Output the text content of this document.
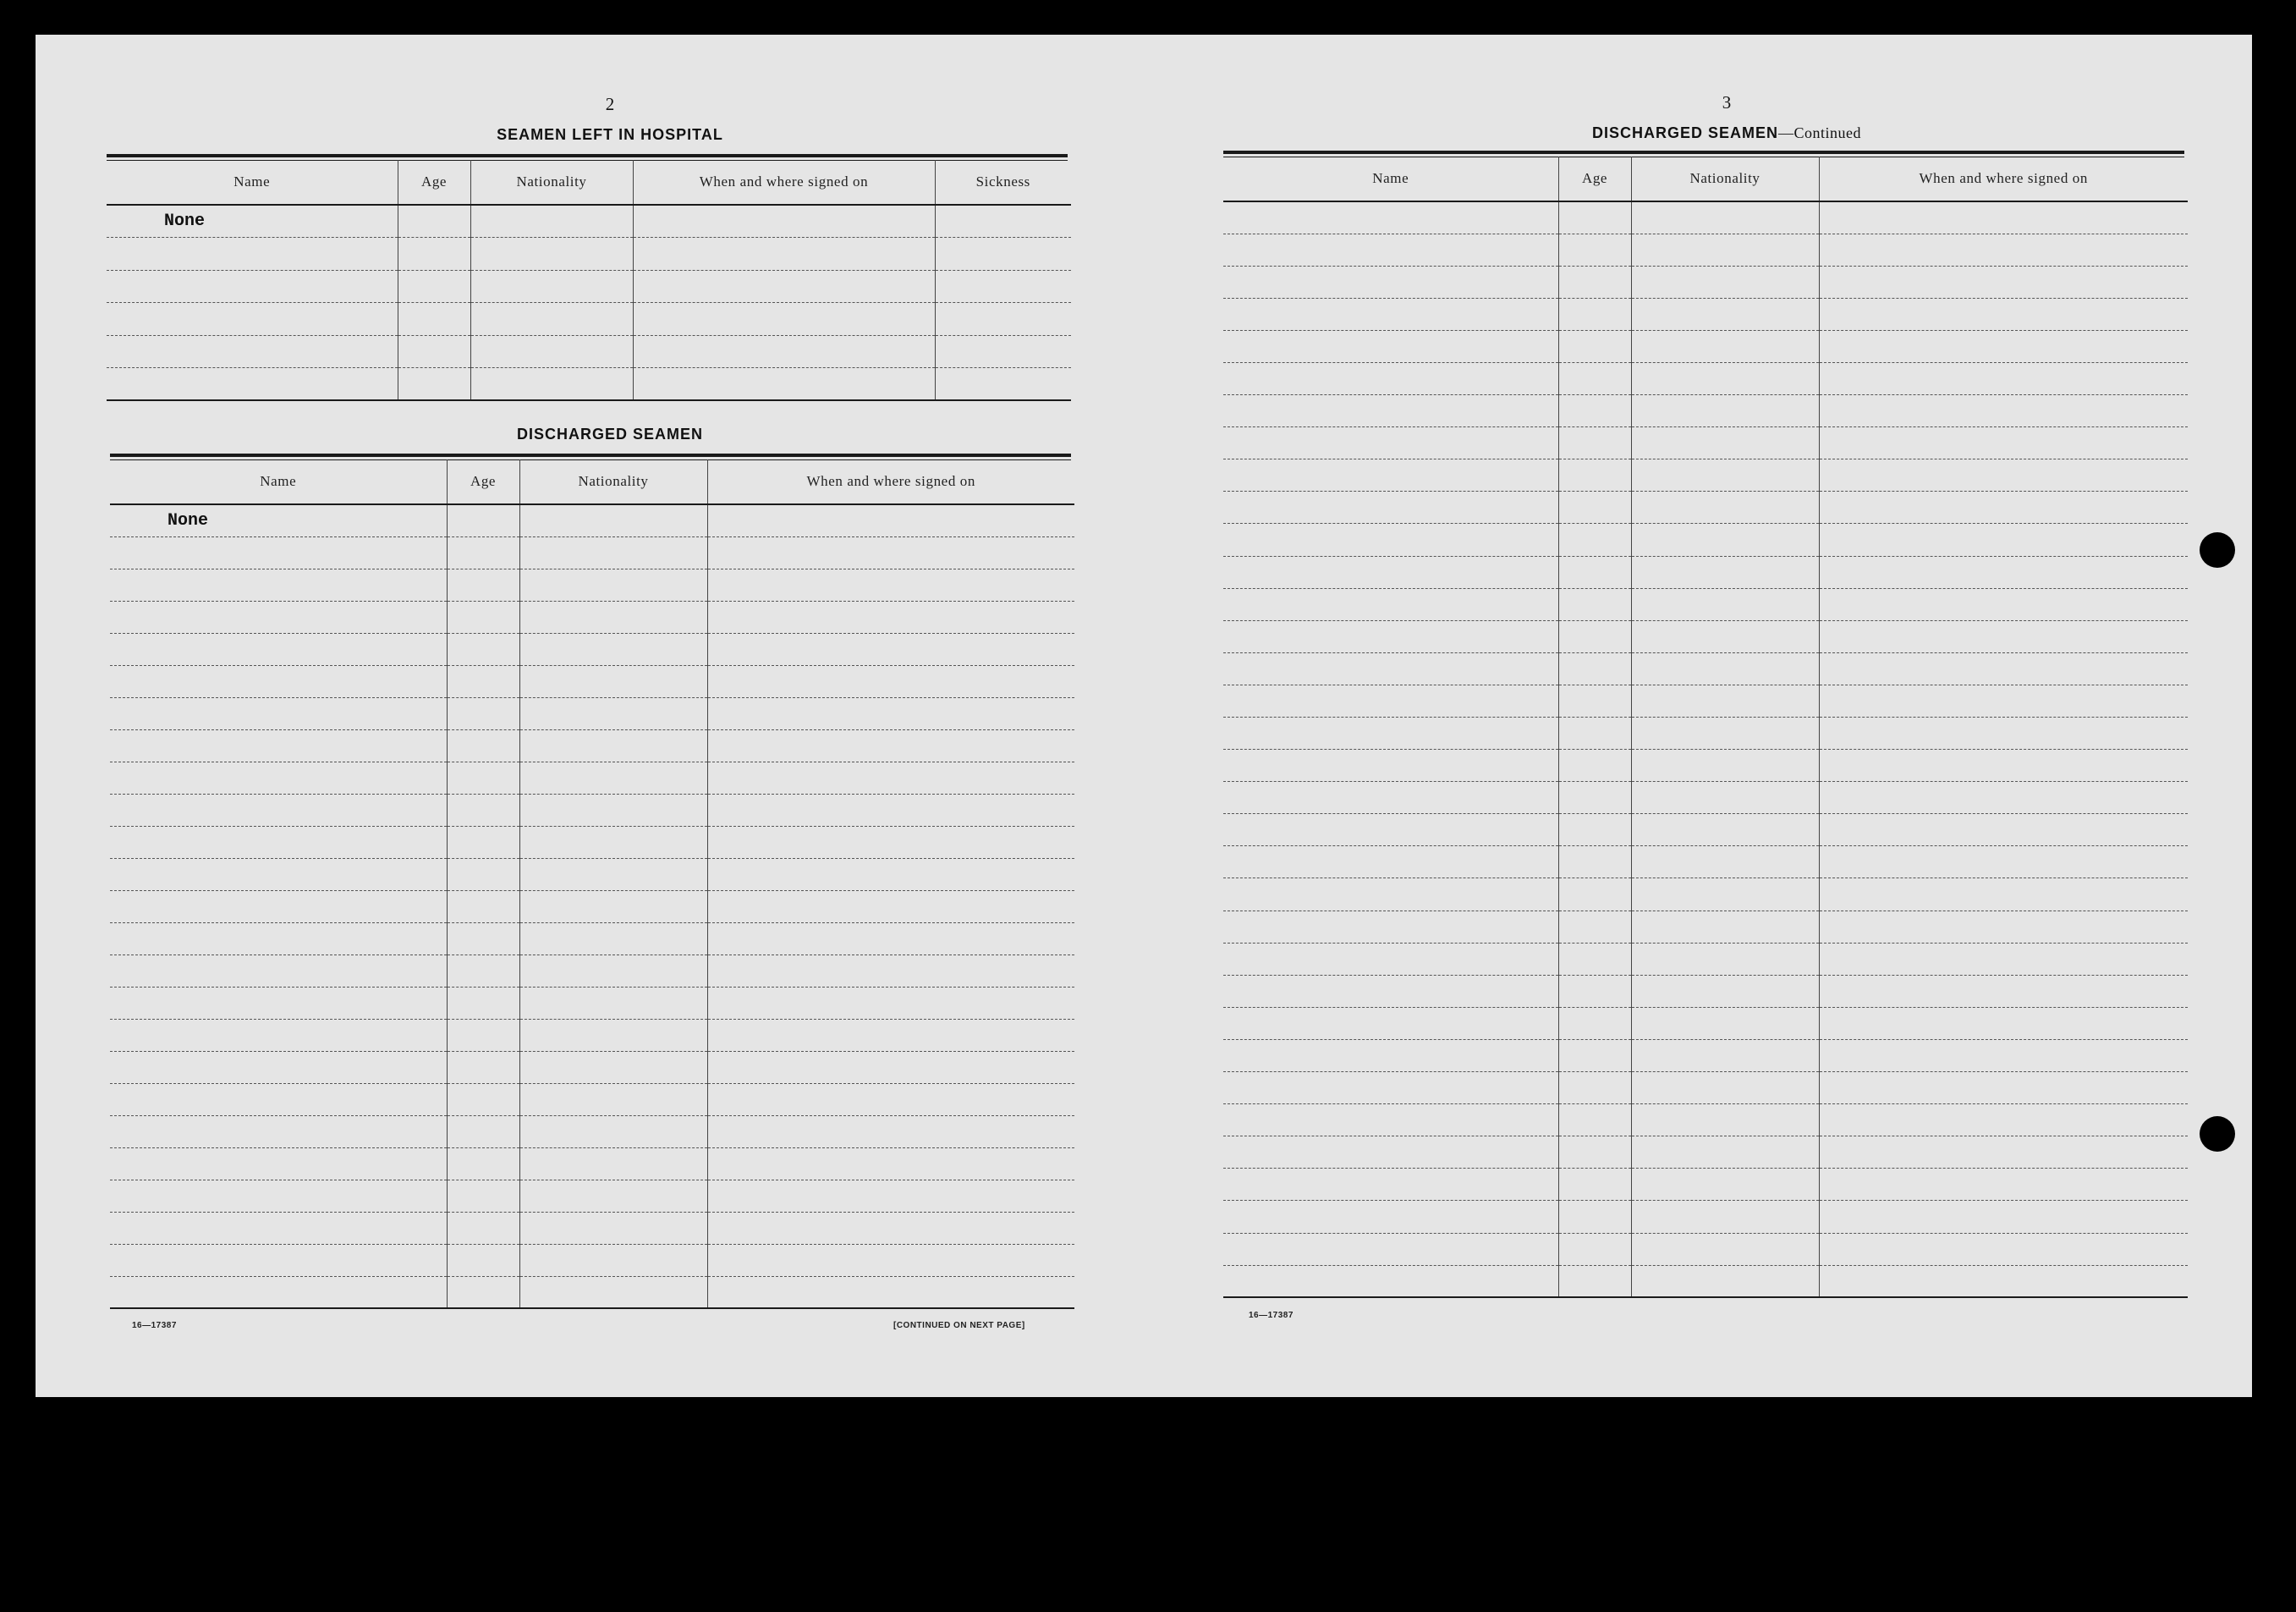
2
SEAMEN LEFT IN HOSPITAL
Name	Age	Nationality	When and where signed on	Sickness
None				

DISCHARGED SEAMEN
Name	Age	Nationality	When and where signed on
None			

16—17387	[CONTINUED ON NEXT PAGE]
3
DISCHARGED SEAMEN—Continued
Name	Age	Nationality	When and where signed on

16—17387
